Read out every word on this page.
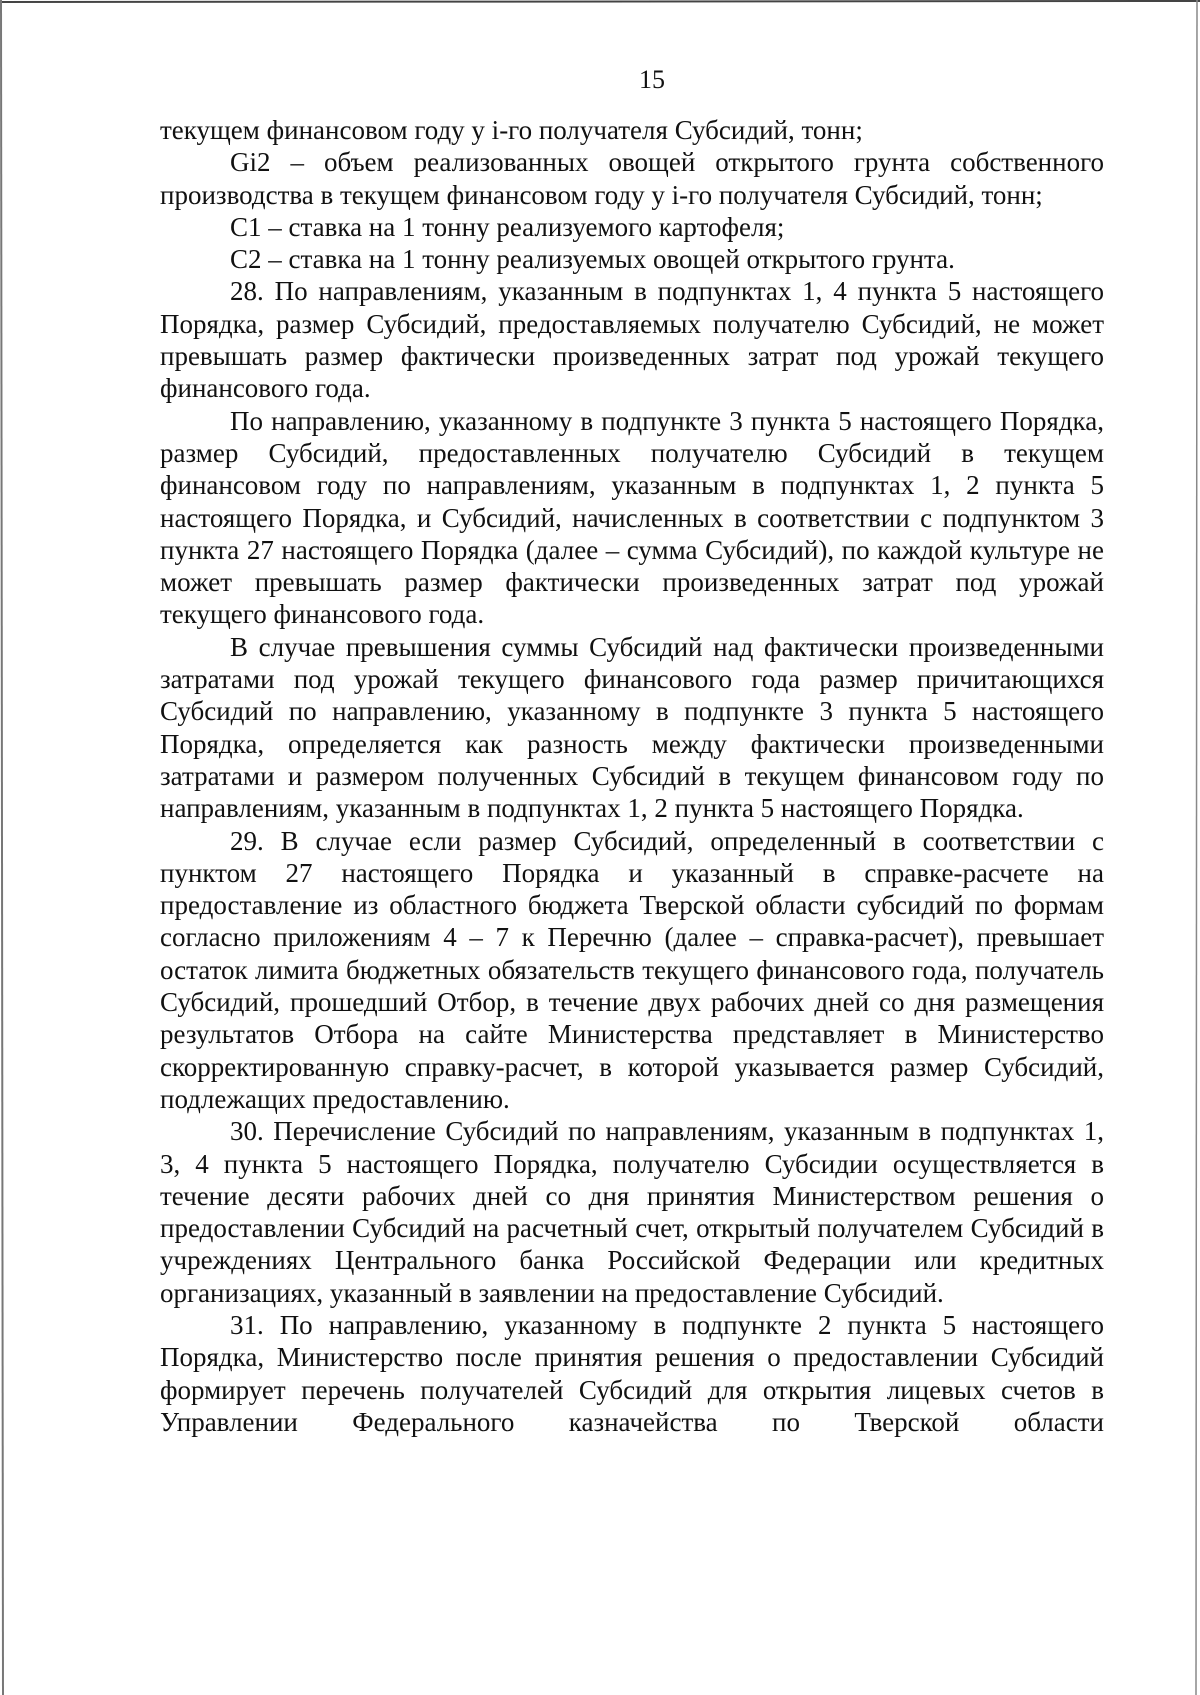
15

текущем финансовом году у i-го получателя Субсидий, тонн;

Gi2 – объем реализованных овощей открытого грунта собственного производства в текущем финансовом году у i-го получателя Субсидий, тонн;

C1 – ставка на 1 тонну реализуемого картофеля;

C2 – ставка на 1 тонну реализуемых овощей открытого грунта.

28. По направлениям, указанным в подпунктах 1, 4 пункта 5 настоящего Порядка, размер Субсидий, предоставляемых получателю Субсидий, не может превышать размер фактически произведенных затрат под урожай текущего финансового года.

По направлению, указанному в подпункте 3 пункта 5 настоящего Порядка, размер Субсидий, предоставленных получателю Субсидий в текущем финансовом году по направлениям, указанным в подпунктах 1, 2 пункта 5 настоящего Порядка, и Субсидий, начисленных в соответствии с подпунктом 3 пункта 27 настоящего Порядка (далее – сумма Субсидий), по каждой культуре не может превышать размер фактически произведенных затрат под урожай текущего финансового года.

В случае превышения суммы Субсидий над фактически произведенными затратами под урожай текущего финансового года размер причитающихся Субсидий по направлению, указанному в подпункте 3 пункта 5 настоящего Порядка, определяется как разность между фактически произведенными затратами и размером полученных Субсидий в текущем финансовом году по направлениям, указанным в подпунктах 1, 2 пункта 5 настоящего Порядка.

29. В случае если размер Субсидий, определенный в соответствии с пунктом 27 настоящего Порядка и указанный в справке-расчете на предоставление из областного бюджета Тверской области субсидий по формам согласно приложениям 4 – 7 к Перечню (далее – справка-расчет), превышает остаток лимита бюджетных обязательств текущего финансового года, получатель Субсидий, прошедший Отбор, в течение двух рабочих дней со дня размещения результатов Отбора на сайте Министерства представляет в Министерство скорректированную справку-расчет, в которой указывается размер Субсидий, подлежащих предоставлению.

30. Перечисление Субсидий по направлениям, указанным в подпунктах 1, 3, 4 пункта 5 настоящего Порядка, получателю Субсидии осуществляется в течение десяти рабочих дней со дня принятия Министерством решения о предоставлении Субсидий на расчетный счет, открытый получателем Субсидий в учреждениях Центрального банка Российской Федерации или кредитных организациях, указанный в заявлении на предоставление Субсидий.

31. По направлению, указанному в подпункте 2 пункта 5 настоящего Порядка, Министерство после принятия решения о предоставлении Субсидий формирует перечень получателей Субсидий для открытия лицевых счетов в Управлении Федерального казначейства по Тверской области
